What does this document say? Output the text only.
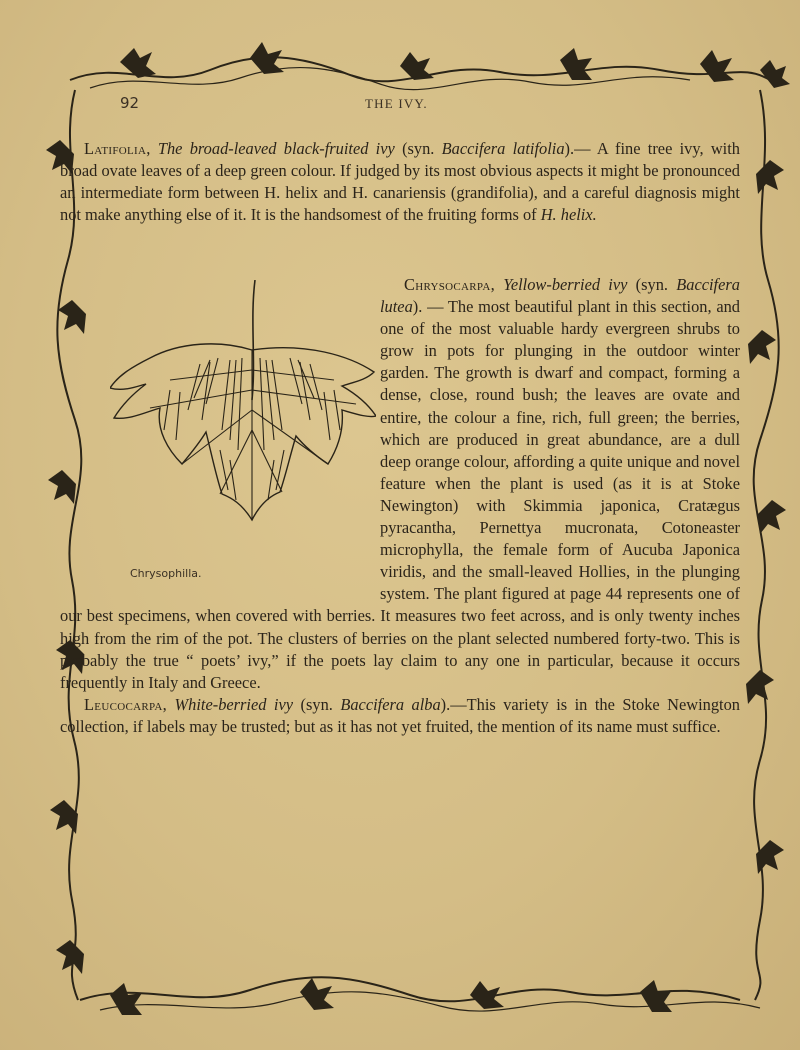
92	THE IVY.
Latifolia, The broad-leaved black-fruited ivy (syn. Baccifera latifolia).— A fine tree ivy, with broad ovate leaves of a deep green colour. If judged by its most obvious aspects it might be pronounced an intermediate form between H. helix and H. canariensis (grandifolia), and a careful diagnosis might not make anything else of it. It is the handsomest of the fruiting forms of H. helix.
Chrysophilla.
Chrysocarpa, Yellow-berried ivy (syn. Baccifera lutea). — The most beautiful plant in this section, and one of the most valuable hardy evergreen shrubs to grow in pots for plunging in the outdoor winter garden. The growth is dwarf and compact, forming a dense, close, round bush; the leaves are ovate and entire, the colour a fine, rich, full green; the berries, which are produced in great abundance, are a dull deep orange colour, affording a quite unique and novel feature when the plant is used (as it is at Stoke Newington) with Skimmia japonica, Cratægus pyracantha, Pernettya mucronata, Cotoneaster microphylla, the female form of Aucuba Japonica viridis, and the small-leaved Hollies, in the plunging system. The plant figured at page 44 represents one of our best specimens, when covered with berries. It measures two feet across, and is only twenty inches high from the rim of the pot. The clusters of berries on the plant selected numbered forty-two. This is probably the true “ poets’ ivy,” if the poets lay claim to any one in particular, because it occurs frequently in Italy and Greece.
Leucocarpa, White-berried ivy (syn. Baccifera alba).—This variety is in the Stoke Newington collection, if labels may be trusted; but as it has not yet fruited, the mention of its name must suffice.
